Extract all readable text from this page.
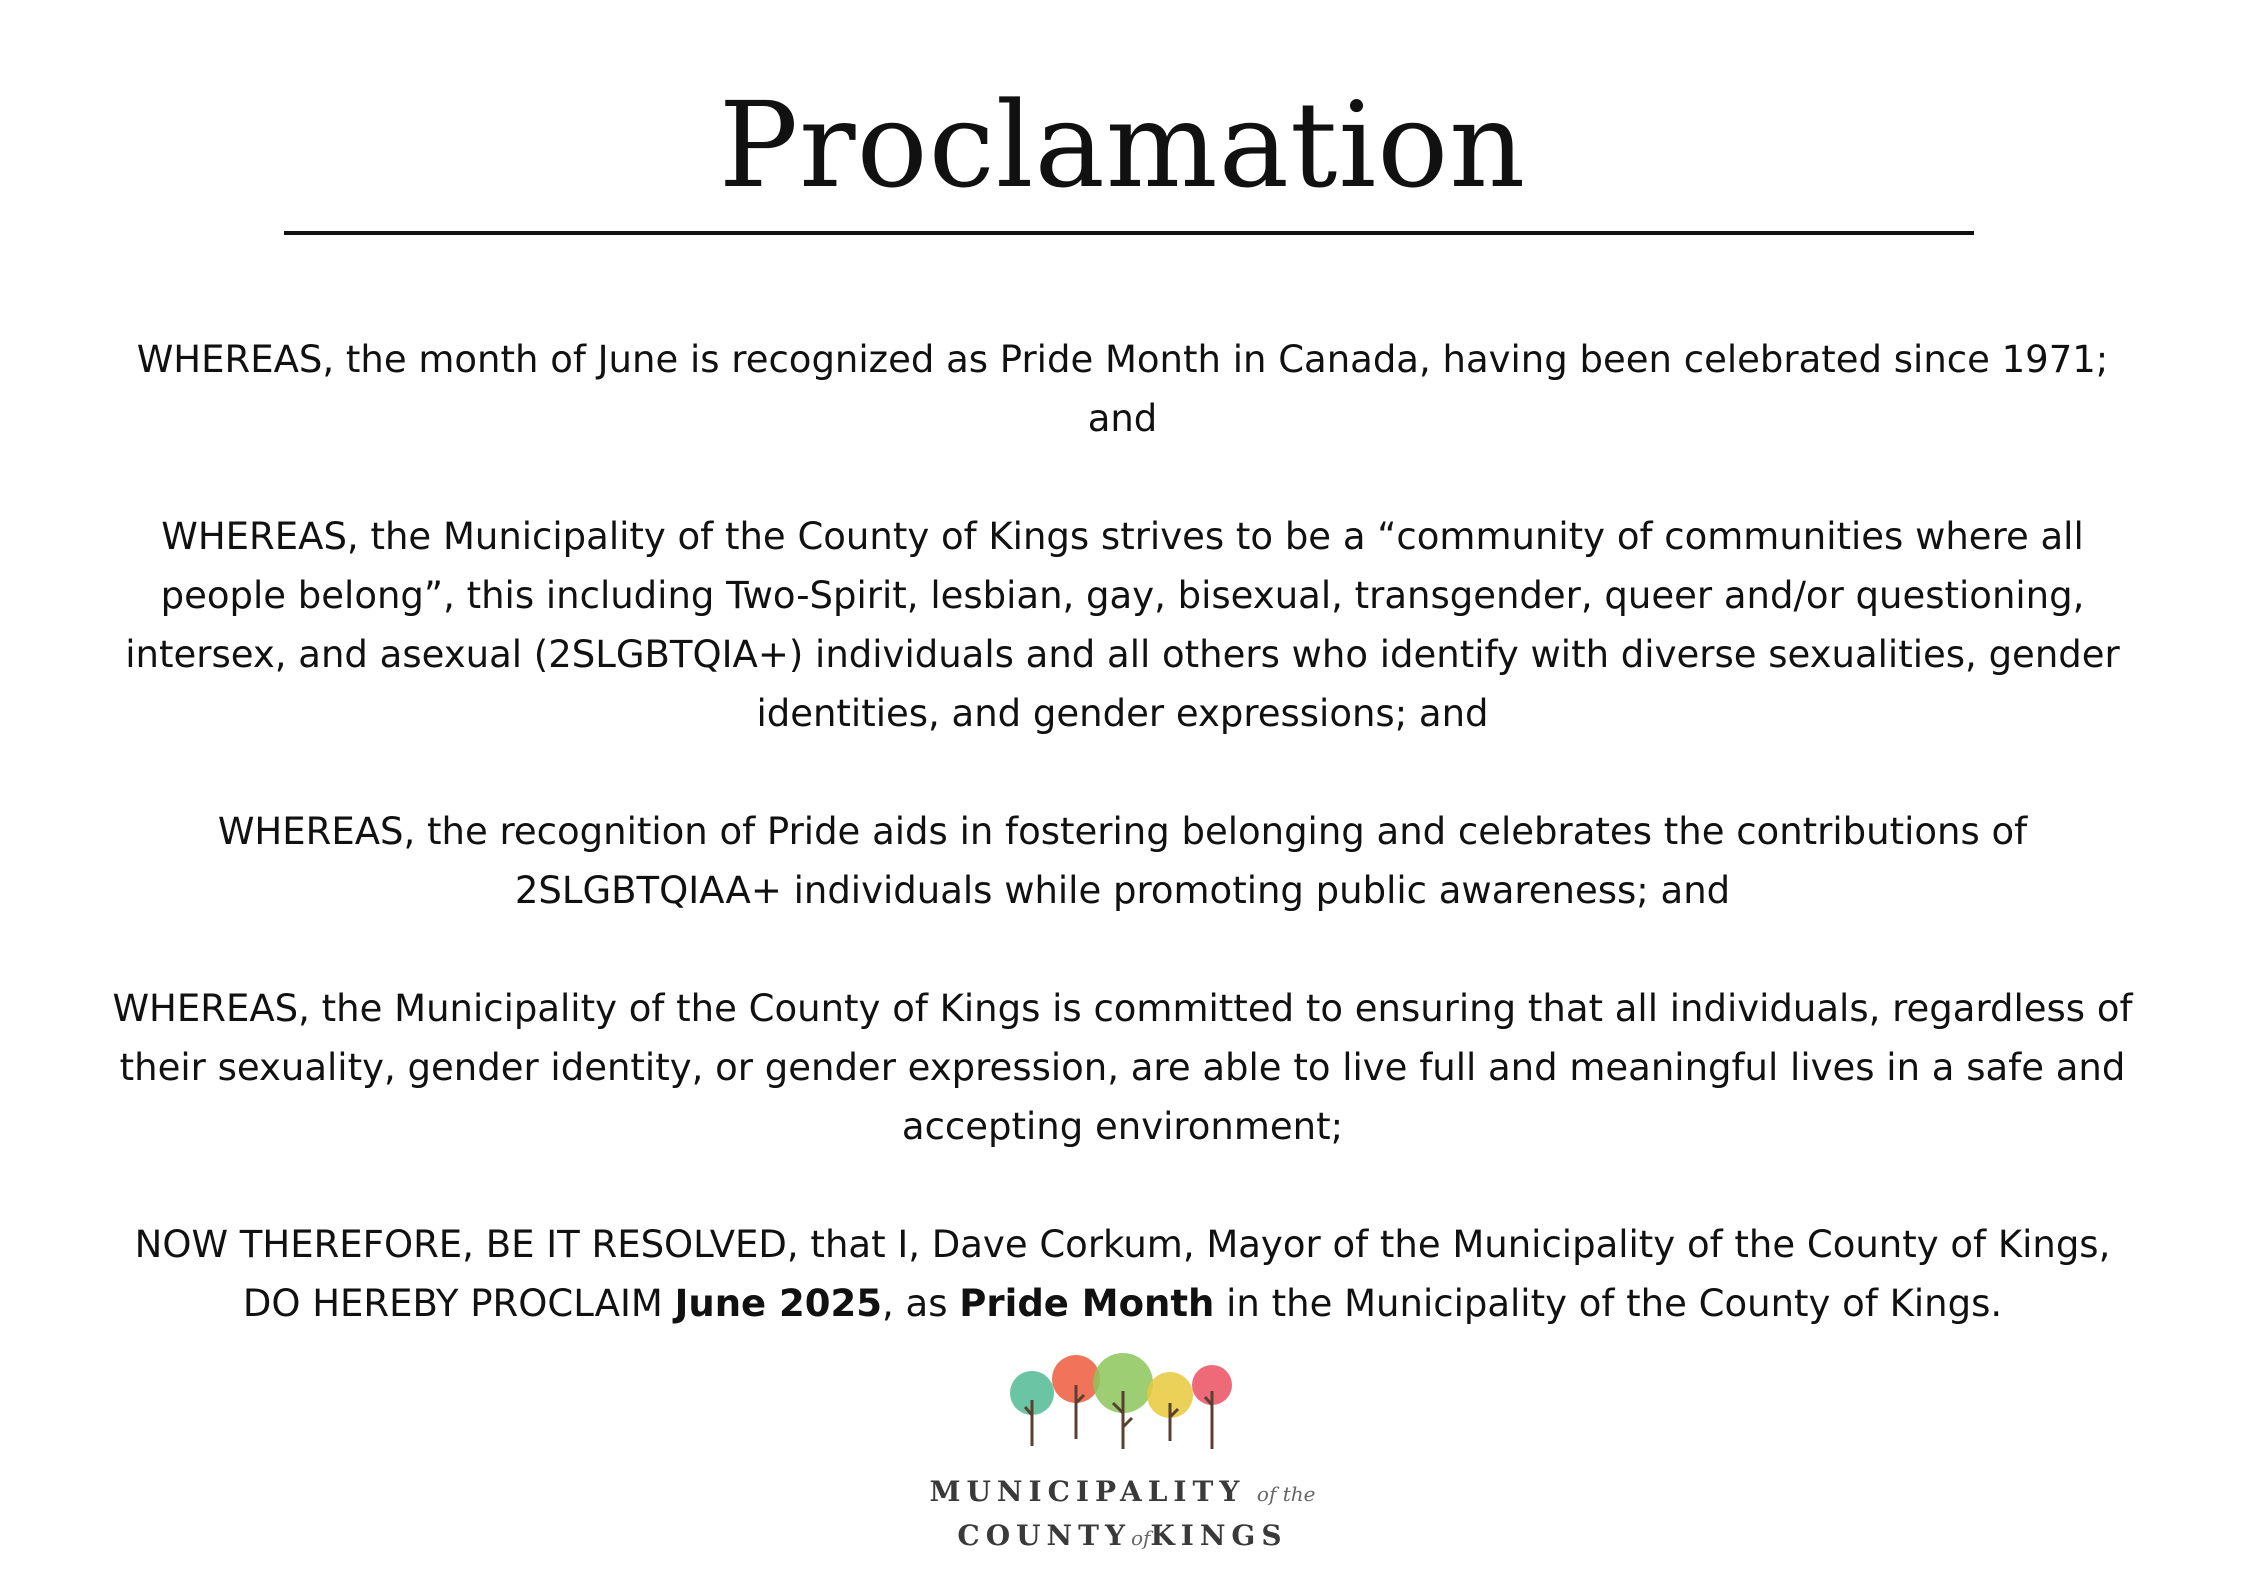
Proclamation

WHEREAS, the month of June is recognized as Pride Month in Canada, having been celebrated since 1971; and

WHEREAS, the Municipality of the County of Kings strives to be a “community of communities where all people belong”, this including Two-Spirit, lesbian, gay, bisexual, transgender, queer and/or questioning, intersex, and asexual (2SLGBTQIA+) individuals and all others who identify with diverse sexualities, gender identities, and gender expressions; and

WHEREAS, the recognition of Pride aids in fostering belonging and celebrates the contributions of 2SLGBTQIAA+ individuals while promoting public awareness; and

WHEREAS, the Municipality of the County of Kings is committed to ensuring that all individuals, regardless of their sexuality, gender identity, or gender expression, are able to live full and meaningful lives in a safe and accepting environment;

NOW THEREFORE, BE IT RESOLVED, that I, Dave Corkum, Mayor of the Municipality of the County of Kings,
DO HEREBY PROCLAIM June 2025, as Pride Month in the Municipality of the County of Kings.

MUNICIPALITY of the
COUNTYofKINGS
